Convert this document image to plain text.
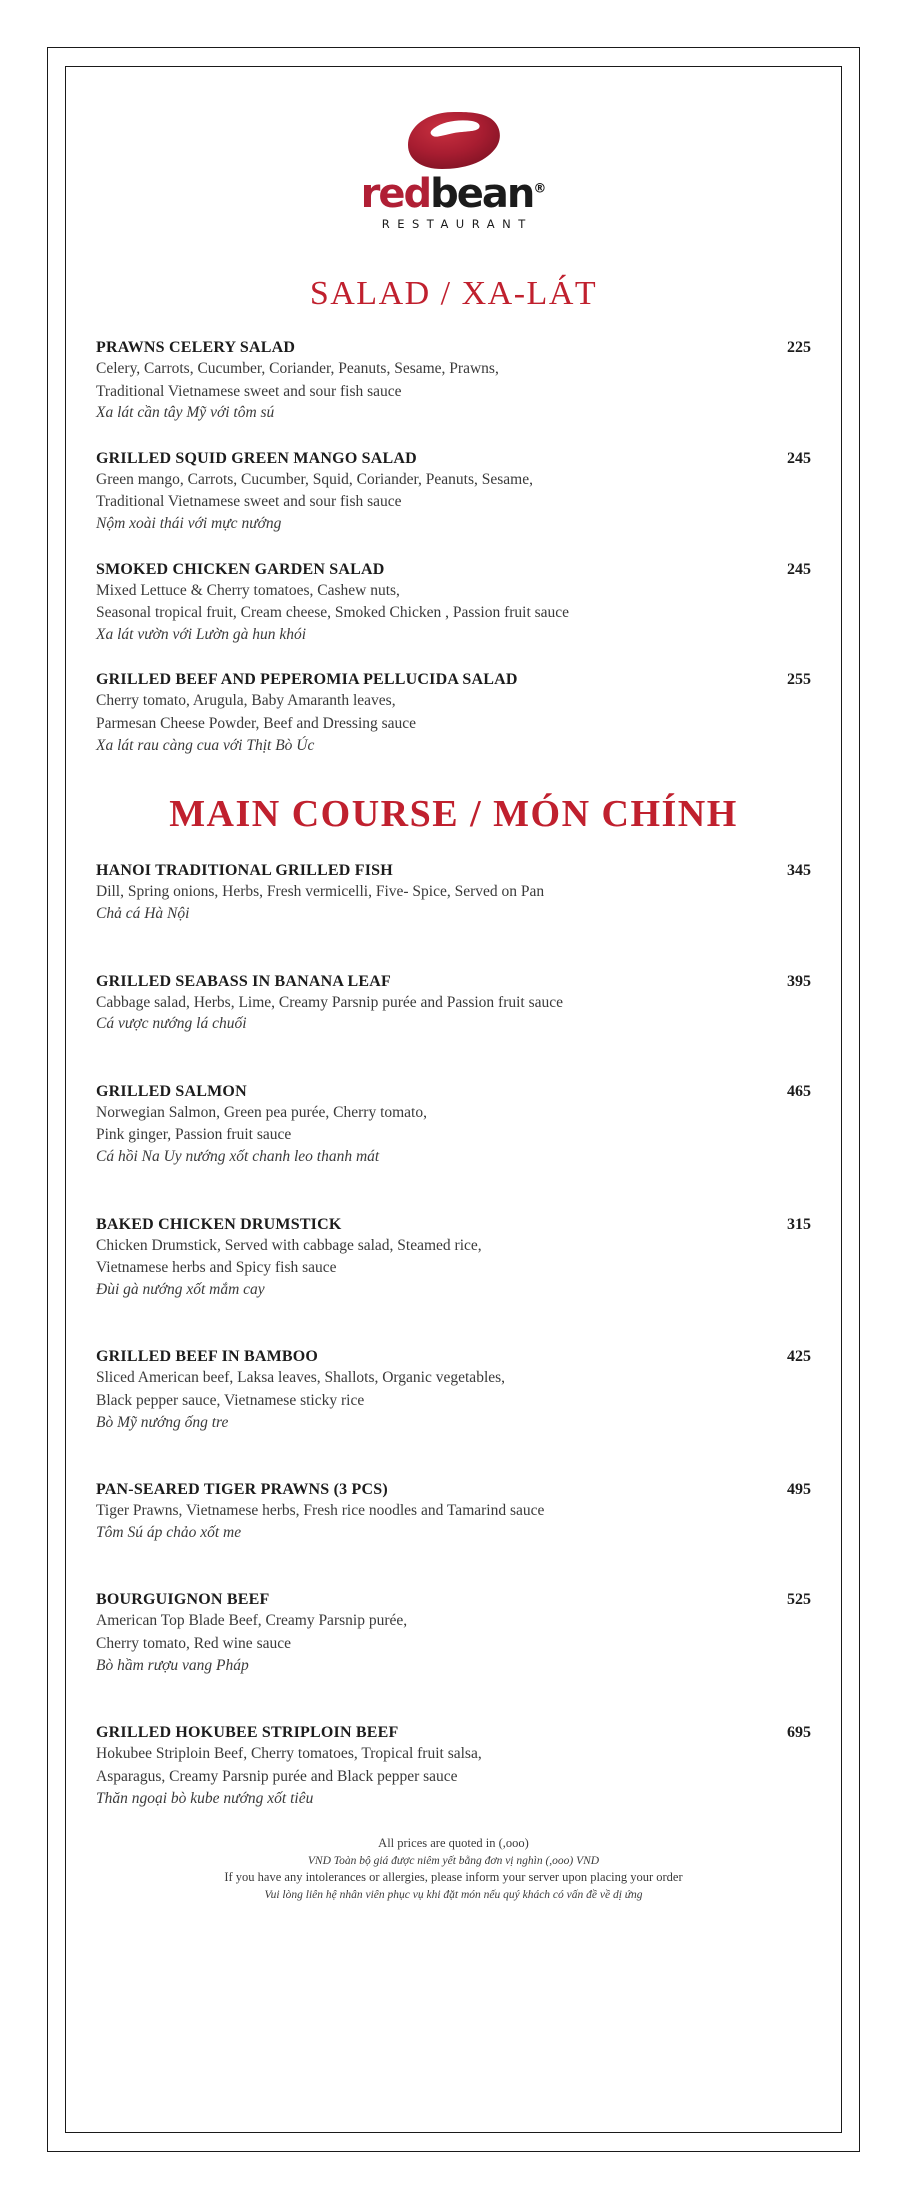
redbean®
RESTAURANT
SALAD / XA-LÁT
PRAWNS CELERY SALAD	225
Celery, Carrots, Cucumber, Coriander, Peanuts, Sesame, Prawns,
Traditional Vietnamese sweet and sour fish sauce
Xa lát cần tây Mỹ với tôm sú
GRILLED SQUID GREEN MANGO SALAD	245
Green mango, Carrots, Cucumber, Squid, Coriander, Peanuts, Sesame,
Traditional Vietnamese sweet and sour fish sauce
Nộm xoài thái với mực nướng
SMOKED CHICKEN GARDEN SALAD	245
Mixed Lettuce & Cherry tomatoes, Cashew nuts,
Seasonal tropical fruit, Cream cheese, Smoked Chicken , Passion fruit sauce
Xa lát vườn với Lườn gà hun khói
GRILLED BEEF AND PEPEROMIA PELLUCIDA SALAD	255
Cherry tomato, Arugula, Baby Amaranth leaves,
Parmesan Cheese Powder, Beef and Dressing sauce
Xa lát rau càng cua với Thịt Bò Úc
MAIN COURSE / MÓN CHÍNH
HANOI TRADITIONAL GRILLED FISH	345
Dill, Spring onions, Herbs, Fresh vermicelli, Five- Spice, Served on Pan
Chả cá Hà Nội
GRILLED SEABASS IN BANANA LEAF	395
Cabbage salad, Herbs, Lime, Creamy Parsnip purée and Passion fruit sauce
Cá vược nướng lá chuối
GRILLED SALMON	465
Norwegian Salmon, Green pea purée, Cherry tomato,
Pink ginger, Passion fruit sauce
Cá hồi Na Uy nướng xốt chanh leo thanh mát
BAKED CHICKEN DRUMSTICK	315
Chicken Drumstick, Served with cabbage salad, Steamed rice,
Vietnamese herbs and Spicy fish sauce
Đùi gà nướng xốt mắm cay
GRILLED BEEF IN BAMBOO	425
Sliced American beef, Laksa leaves, Shallots, Organic vegetables,
Black pepper sauce, Vietnamese sticky rice
Bò Mỹ nướng ống tre
PAN-SEARED TIGER PRAWNS (3 PCS)	495
Tiger Prawns, Vietnamese herbs, Fresh rice noodles and Tamarind sauce
Tôm Sú áp chảo xốt me
BOURGUIGNON BEEF	525
American Top Blade Beef, Creamy Parsnip purée,
Cherry tomato, Red wine sauce
Bò hầm rượu vang Pháp
GRILLED HOKUBEE STRIPLOIN BEEF	695
Hokubee Striploin Beef, Cherry tomatoes, Tropical fruit salsa,
Asparagus, Creamy Parsnip purée and Black pepper sauce
Thăn ngoại bò kube nướng xốt tiêu
All prices are quoted in (,ooo)
VND Toàn bộ giá được niêm yết bằng đơn vị nghìn (,ooo) VND
If you have any intolerances or allergies, please inform your server upon placing your order
Vui lòng liên hệ nhân viên phục vụ khi đặt món nếu quý khách có vấn đề về dị ứng
